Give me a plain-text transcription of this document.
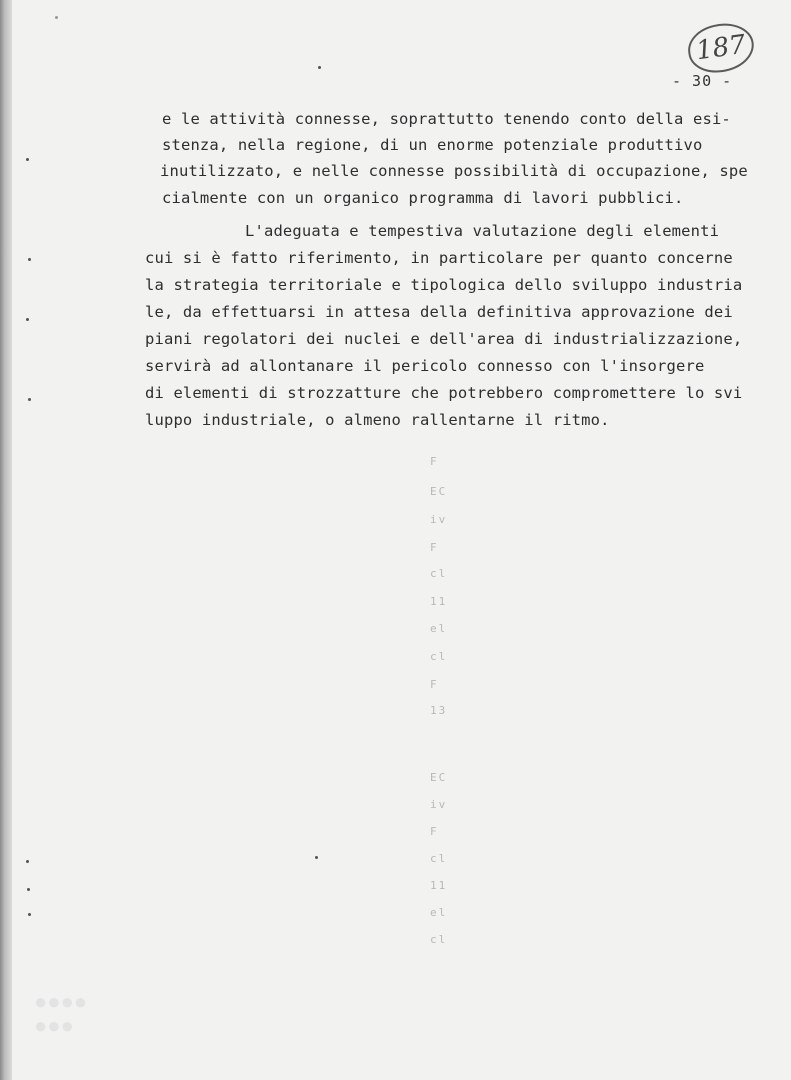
187
- 30 -
e le attività connesse, soprattutto tenendo conto della esi-
stenza, nella regione, di un enorme potenziale produttivo
inutilizzato, e nelle connesse possibilità di occupazione, spe
cialmente con un organico programma di lavori pubblici.
L'adeguata e tempestiva valutazione degli elementi
cui si è fatto riferimento, in particolare per quanto concerne
la strategia territoriale e tipologica dello sviluppo industria
le, da effettuarsi in attesa della definitiva approvazione dei
piani regolatori dei nuclei e dell'area di industrializzazione,
servirà ad allontanare il pericolo connesso con l'insorgere
di elementi di strozzatture che potrebbero compromettere lo svi
luppo industriale, o almeno rallentarne il ritmo.
F
EC
iv
F
cl
11
el
cl
F
13
EC
iv
F
cl
11
el
cl
●●●●
●●●
